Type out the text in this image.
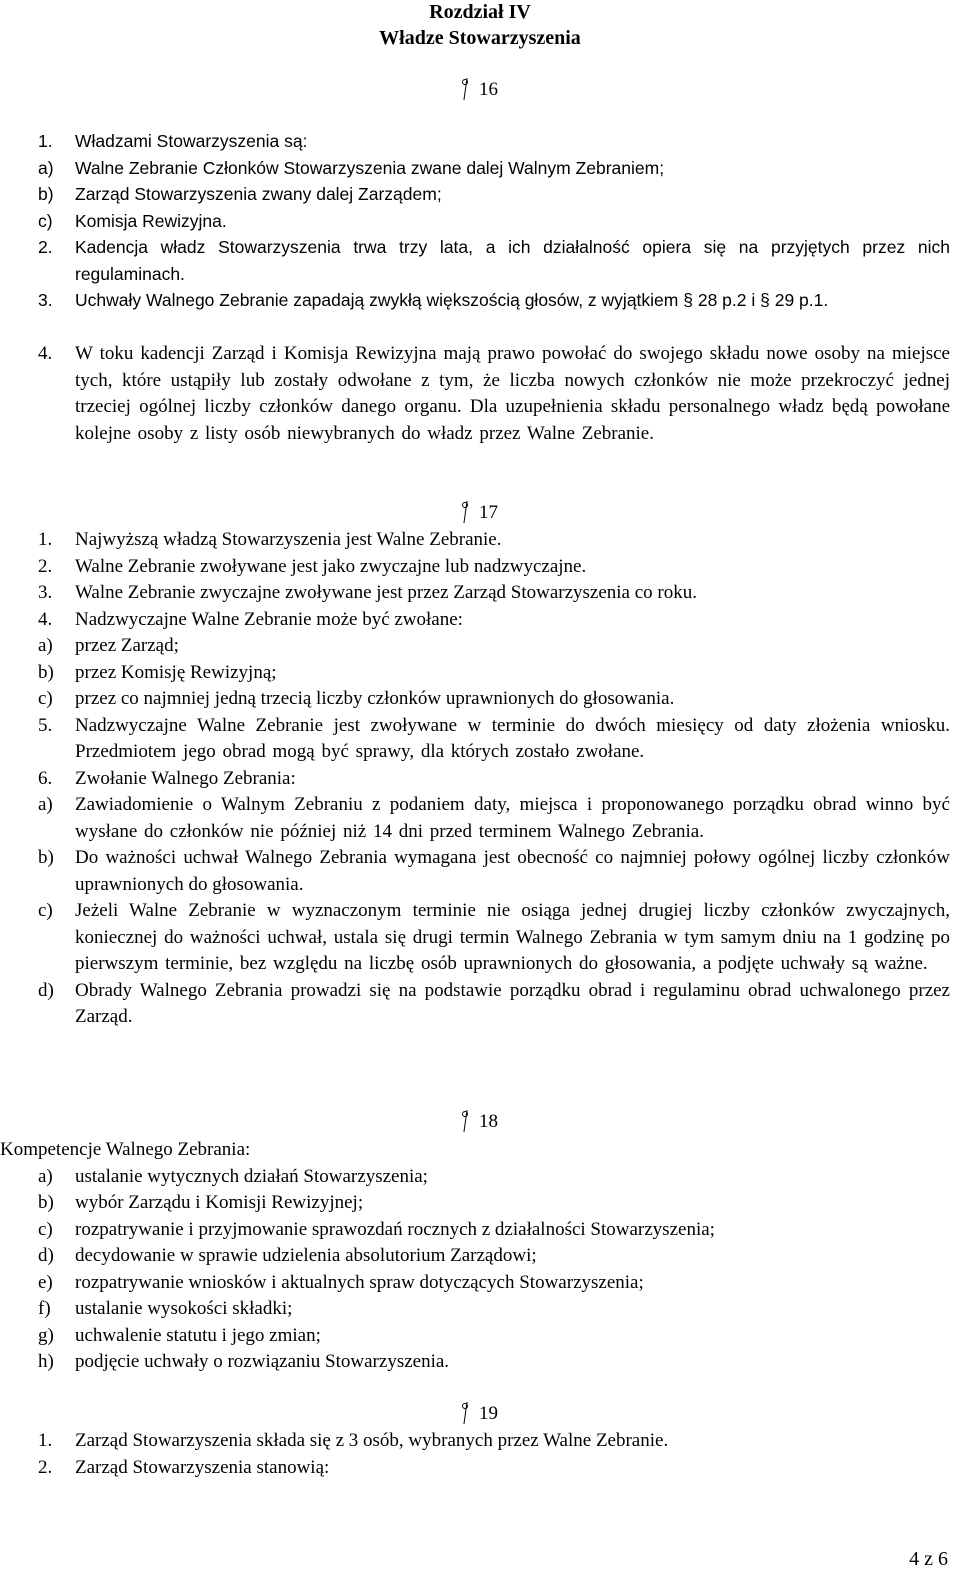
Rozdział IV
Władze Stowarzyszenia
16
1. Władzami Stowarzyszenia są:
a) Walne Zebranie Członków Stowarzyszenia zwane dalej Walnym Zebraniem;
b) Zarząd Stowarzyszenia zwany dalej Zarządem;
c) Komisja Rewizyjna.
2. Kadencja władz Stowarzyszenia trwa trzy lata, a ich działalność opiera się na przyjętych przez nich regulaminach.
3. Uchwały Walnego Zebranie zapadają zwykłą większością głosów, z wyjątkiem § 28 p.2 i § 29 p.1.
4. W toku kadencji Zarząd i Komisja Rewizyjna mają prawo powołać do swojego składu nowe osoby na miejsce tych, które ustąpiły lub zostały odwołane z tym, że liczba nowych członków nie może przekroczyć jednej trzeciej ogólnej liczby członków danego organu. Dla uzupełnienia składu personalnego władz będą powołane kolejne osoby z listy osób niewybranych do władz przez Walne Zebranie.
17
1. Najwyższą władzą Stowarzyszenia jest Walne Zebranie.
2. Walne Zebranie zwoływane jest jako zwyczajne lub nadzwyczajne.
3. Walne Zebranie zwyczajne zwoływane jest przez Zarząd Stowarzyszenia co roku.
4. Nadzwyczajne Walne Zebranie może być zwołane:
a) przez Zarząd;
b) przez Komisję Rewizyjną;
c) przez co najmniej jedną trzecią liczby członków uprawnionych do głosowania.
5. Nadzwyczajne Walne Zebranie jest zwoływane w terminie do dwóch miesięcy od daty złożenia wniosku. Przedmiotem jego obrad mogą być sprawy, dla których zostało zwołane.
6. Zwołanie Walnego Zebrania:
a) Zawiadomienie o Walnym Zebraniu z podaniem daty, miejsca i proponowanego porządku obrad winno być wysłane do członków nie później niż 14 dni przed terminem Walnego Zebrania.
b) Do ważności uchwał Walnego Zebrania wymagana jest obecność co najmniej połowy ogólnej liczby członków uprawnionych do głosowania.
c) Jeżeli Walne Zebranie w wyznaczonym terminie nie osiąga jednej drugiej liczby członków zwyczajnych, koniecznej do ważności uchwał, ustala się drugi termin Walnego Zebrania w tym samym dniu na 1 godzinę po pierwszym terminie, bez względu na liczbę osób uprawnionych do głosowania, a podjęte uchwały są ważne.
d) Obrady Walnego Zebrania prowadzi się na podstawie porządku obrad i regulaminu obrad uchwalonego przez Zarząd.
18
Kompetencje Walnego Zebrania:
a) ustalanie wytycznych działań Stowarzyszenia;
b) wybór Zarządu i Komisji Rewizyjnej;
c) rozpatrywanie i przyjmowanie sprawozdań rocznych z działalności Stowarzyszenia;
d) decydowanie w sprawie udzielenia absolutorium Zarządowi;
e) rozpatrywanie wniosków i aktualnych spraw dotyczących Stowarzyszenia;
f) ustalanie wysokości składki;
g) uchwalenie statutu i jego zmian;
h) podjęcie uchwały o rozwiązaniu Stowarzyszenia.
19
1. Zarząd Stowarzyszenia składa się z 3 osób, wybranych przez Walne Zebranie.
2. Zarząd Stowarzyszenia stanowią:
4 z 6
